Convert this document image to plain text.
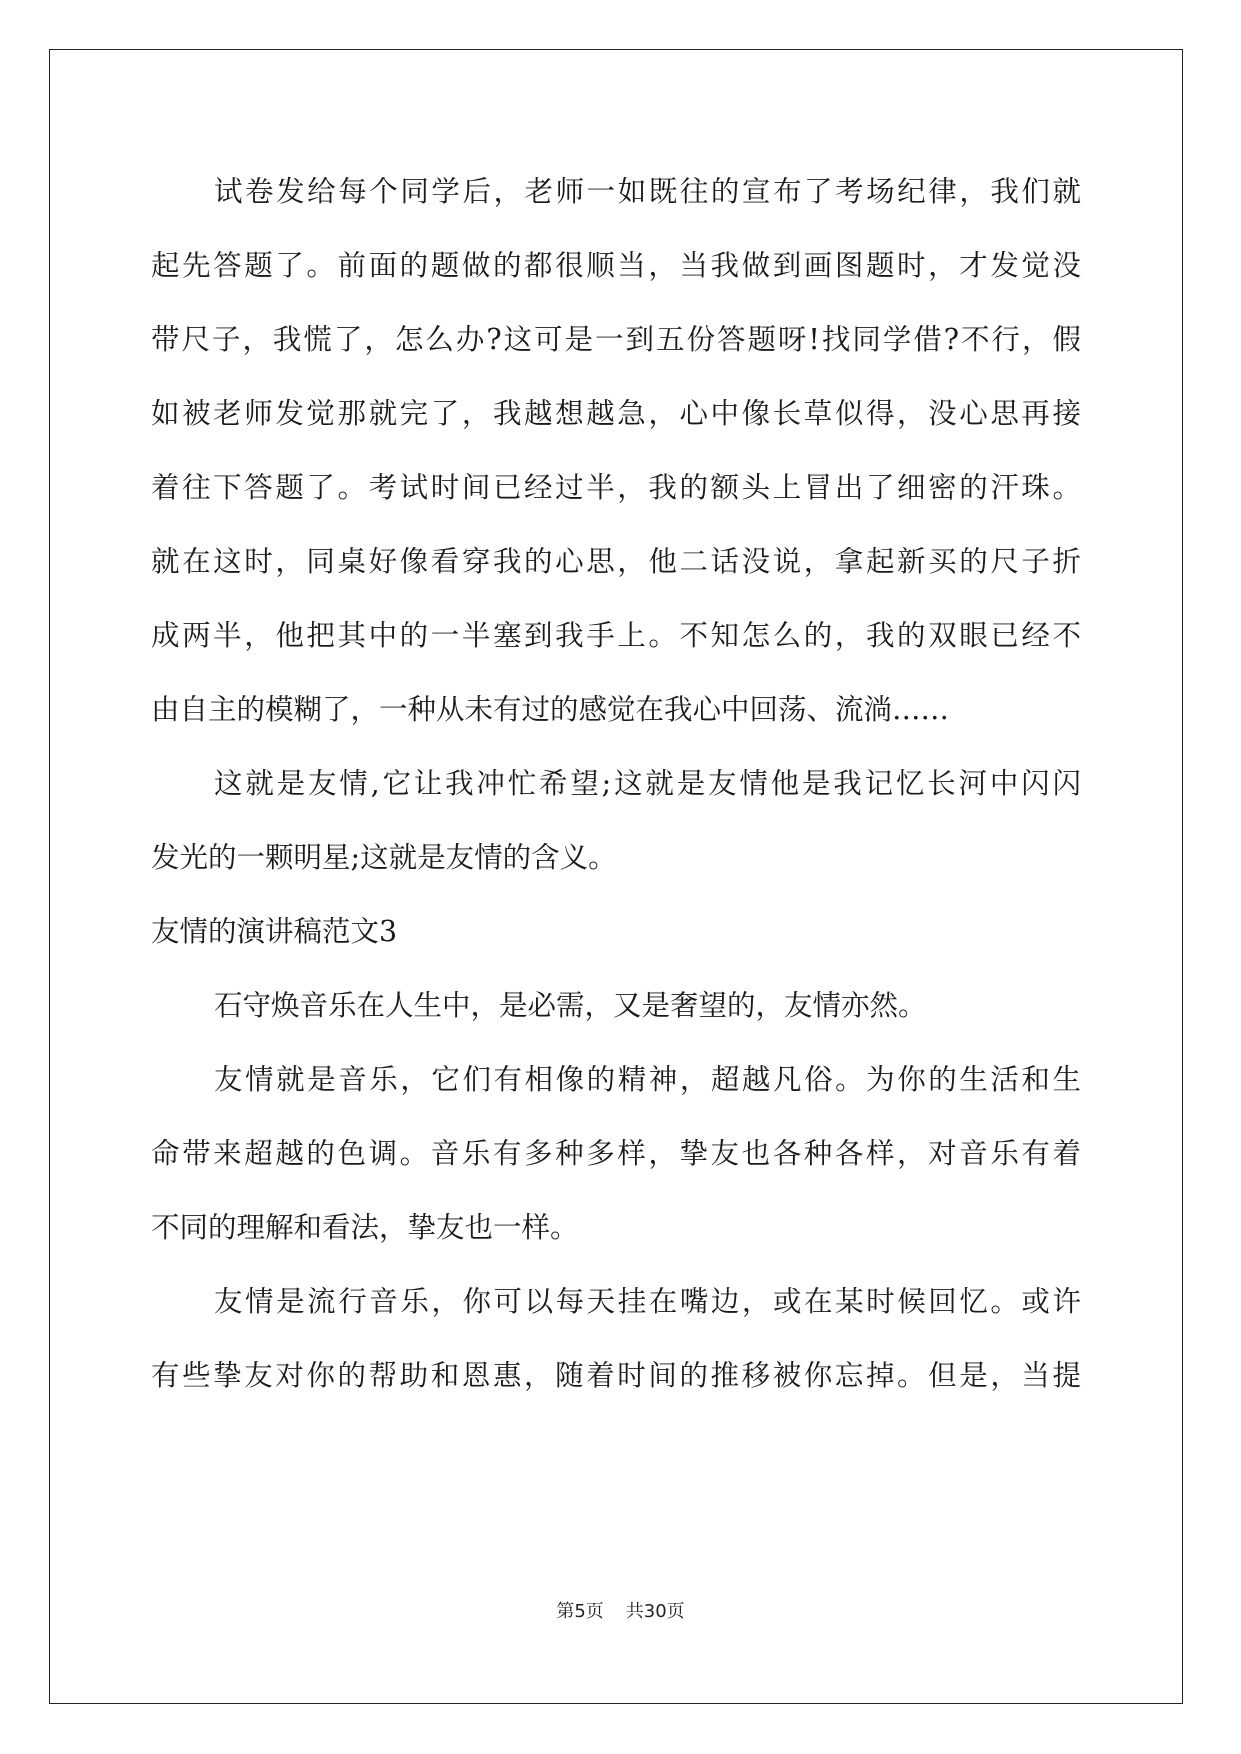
试卷发给每个同学后，老师一如既往的宣布了考场纪律，我们就
起先答题了。前面的题做的都很顺当，当我做到画图题时，才发觉没
带尺子，我慌了，怎么办?这可是一到五份答题呀!找同学借?不行，假
如被老师发觉那就完了，我越想越急，心中像长草似得，没心思再接
着往下答题了。考试时间已经过半，我的额头上冒出了细密的汗珠。
就在这时，同桌好像看穿我的心思，他二话没说，拿起新买的尺子折
成两半，他把其中的一半塞到我手上。不知怎么的，我的双眼已经不
由自主的模糊了，一种从未有过的感觉在我心中回荡、流淌……
这就是友情,它让我冲忙希望;这就是友情他是我记忆长河中闪闪
发光的一颗明星;这就是友情的含义。
友情的演讲稿范文3
石守焕音乐在人生中，是必需，又是奢望的，友情亦然。
友情就是音乐，它们有相像的精神，超越凡俗。为你的生活和生
命带来超越的色调。音乐有多种多样，挚友也各种各样，对音乐有着
不同的理解和看法，挚友也一样。
友情是流行音乐，你可以每天挂在嘴边，或在某时候回忆。或许
有些挚友对你的帮助和恩惠，随着时间的推移被你忘掉。但是，当提
第5页 共30页
